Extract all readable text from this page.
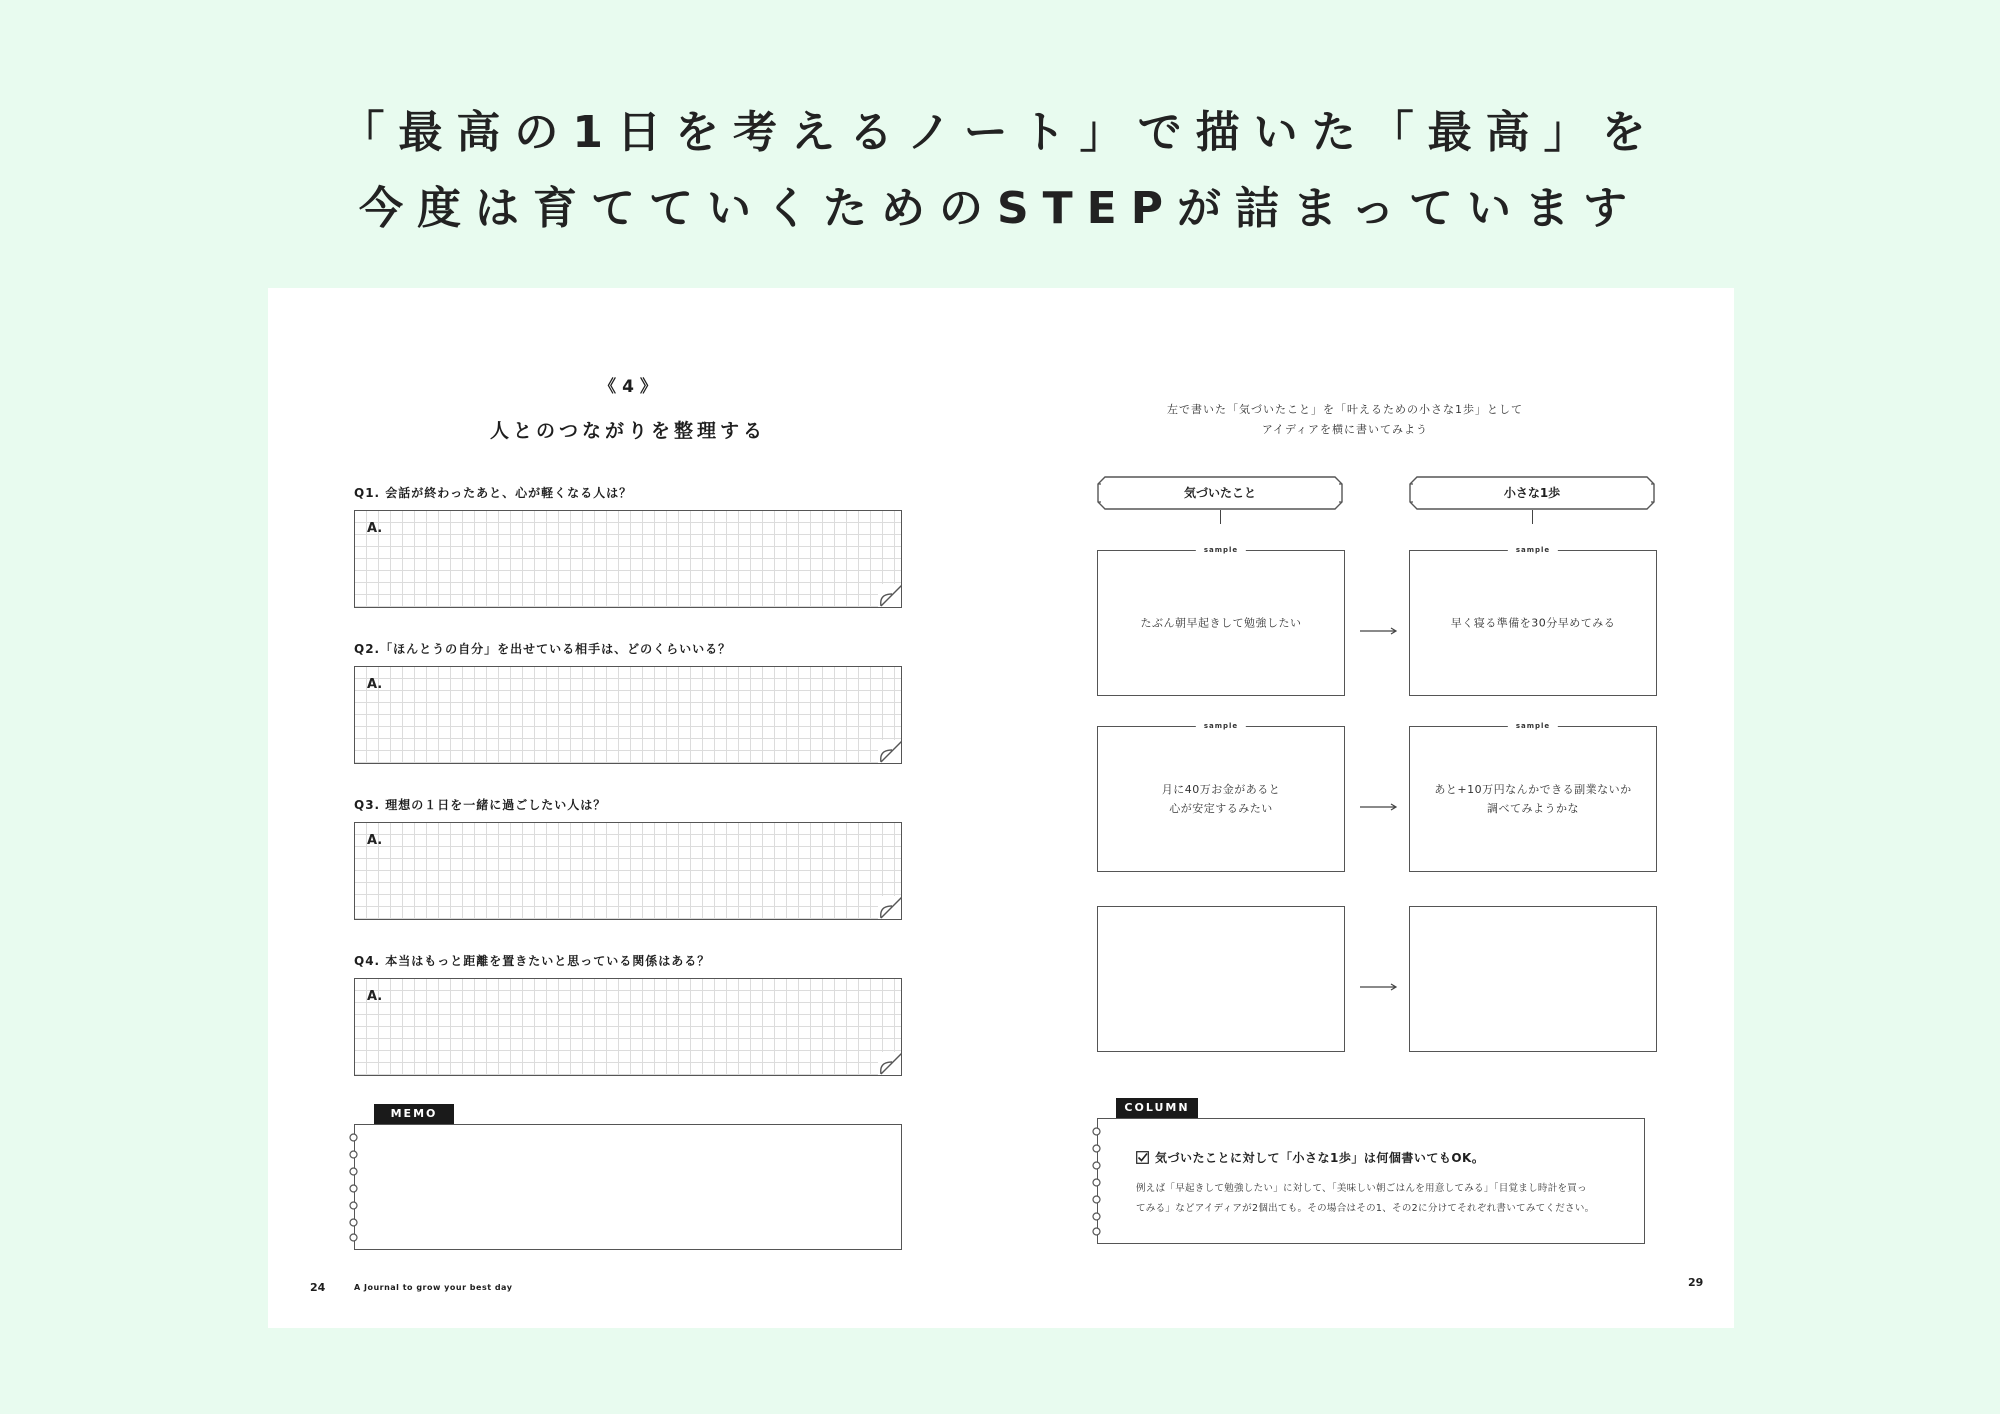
「最高の1日を考えるノート」で描いた「最高」を
今度は育てていくためのSTEPが詰まっています
《 4 》
人とのつながりを整理する
Q1. 会話が終わったあと、心が軽くなる人は？
A.
Q2.「ほんとうの自分」を出せている相手は、どのくらいいる？
A.
Q3. 理想の１日を一緒に過ごしたい人は？
A.
Q4. 本当はもっと距離を置きたいと思っている関係はある？
A.
MEMO
24	A Journal to grow your best day
左で書いた「気づいたこと」を「叶えるための小さな1歩」として
アイディアを横に書いてみよう
気づいたこと	小さな1歩
sample
たぶん朝早起きして勉強したい
sample
早く寝る準備を30分早めてみる
sample
月に40万お金があると
心が安定するみたい
sample
あと+10万円なんかできる副業ないか
調べてみようかな
COLUMN
気づいたことに対して「小さな1歩」は何個書いてもOK。
例えば「早起きして勉強したい」に対して、「美味しい朝ごはんを用意してみる」「目覚まし時計を買っ
てみる」などアイディアが2個出ても。その場合はその1、その2に分けてそれぞれ書いてみてください。
29
